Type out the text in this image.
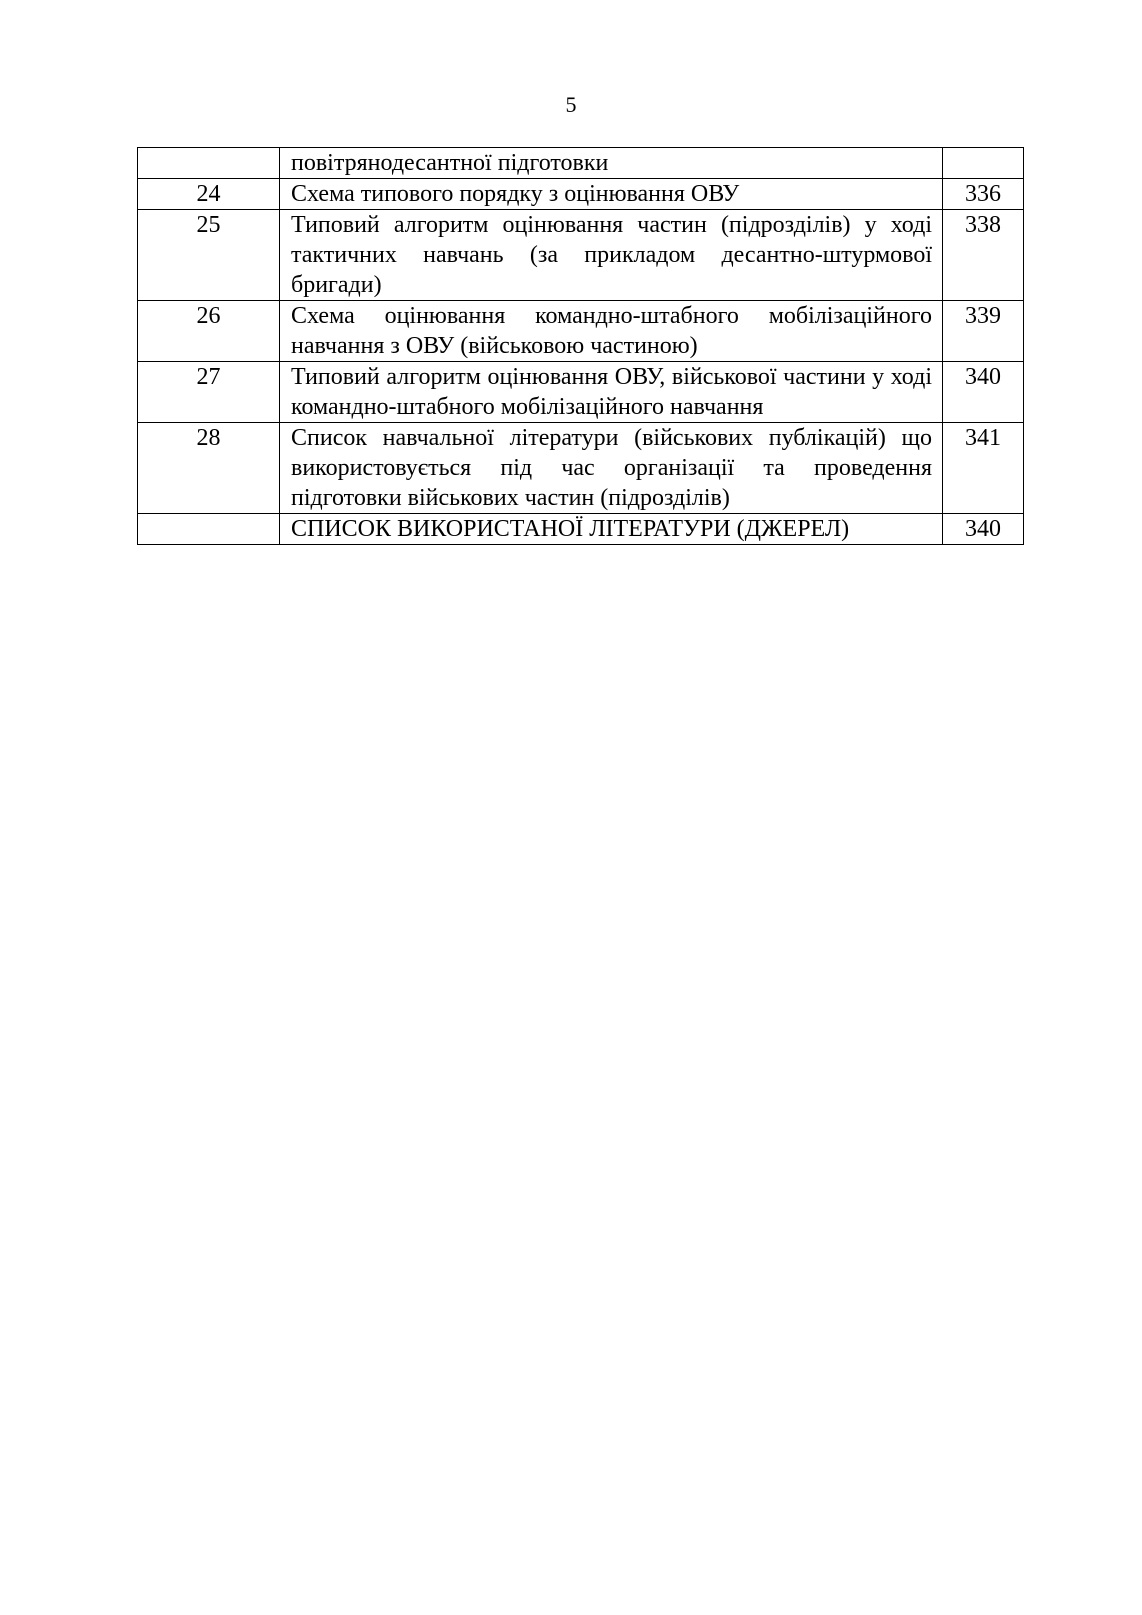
5
	повітрянодесантної підготовки	
24	Схема типового порядку з оцінювання ОВУ	336
25	Типовий алгоритм оцінювання частин (підрозділів) у ході тактичних навчань (за прикладом десантно-штурмової бригади)	338
26	Схема оцінювання командно-штабного мобілізаційного навчання з ОВУ (військовою частиною)	339
27	Типовий алгоритм оцінювання ОВУ, військової частини у ході командно-штабного мобілізаційного навчання	340
28	Список навчальної літератури (військових публікацій) що використовується під час організації та проведення підготовки військових частин (підрозділів)	341
	СПИСОК ВИКОРИСТАНОЇ ЛІТЕРАТУРИ (ДЖЕРЕЛ)	340
